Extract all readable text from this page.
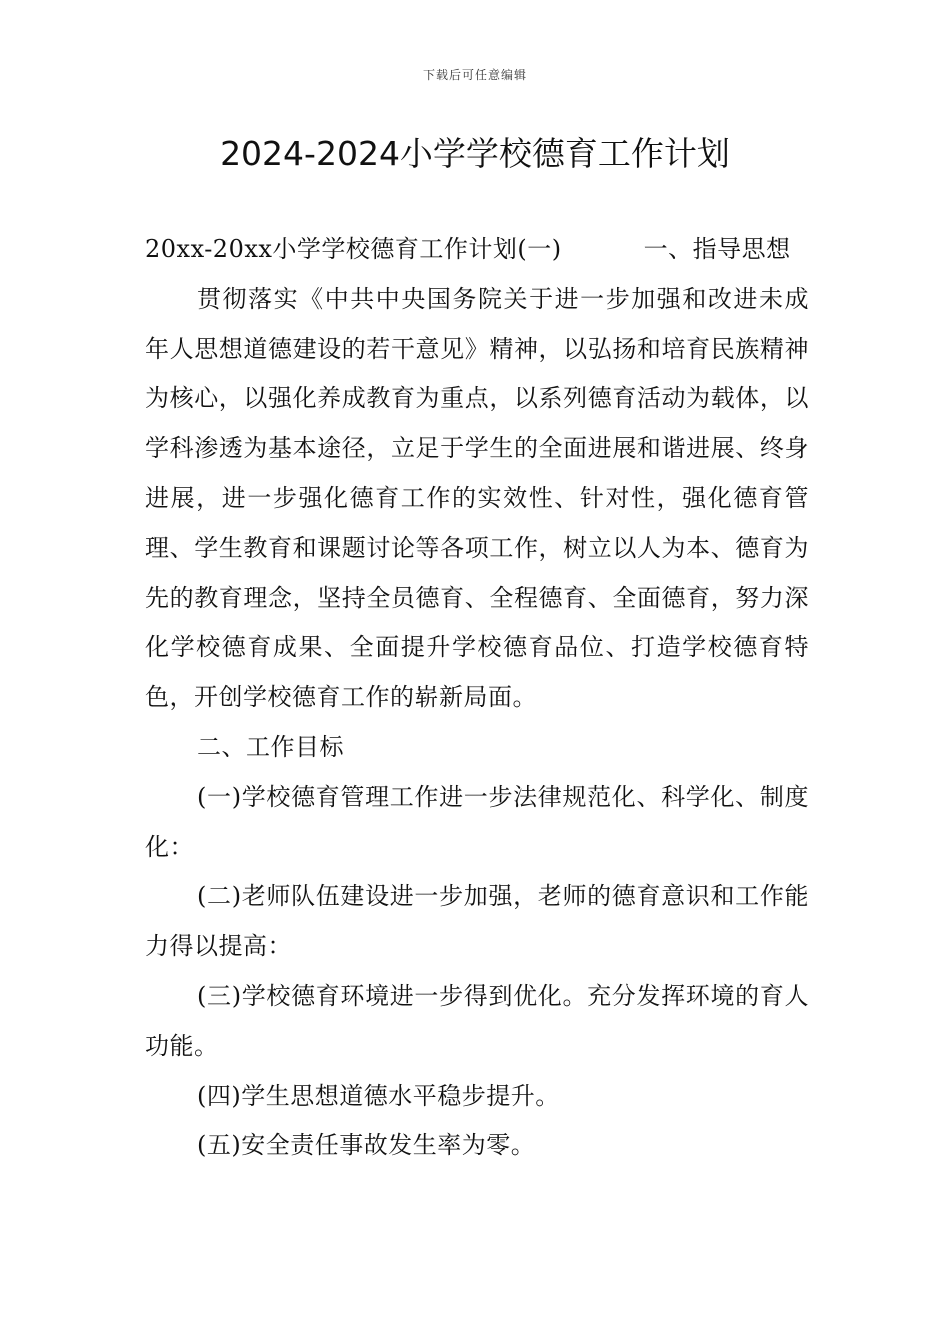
下载后可任意编辑
2024-2024小学学校德育工作计划

20xx-20xx小学学校德育工作计划(一)	一、指导思想

贯彻落实《中共中央国务院关于进一步加强和改进未成年人思想道德建设的若干意见》精神，以弘扬和培育民族精神为核心，以强化养成教育为重点，以系列德育活动为载体，以学科渗透为基本途径，立足于学生的全面进展和谐进展、终身进展，进一步强化德育工作的实效性、针对性，强化德育管理、学生教育和课题讨论等各项工作，树立以人为本、德育为先的教育理念，坚持全员德育、全程德育、全面德育，努力深化学校德育成果、全面提升学校德育品位、打造学校德育特色，开创学校德育工作的崭新局面。

二、工作目标

(一)学校德育管理工作进一步法律规范化、科学化、制度化：

(二)老师队伍建设进一步加强，老师的德育意识和工作能力得以提高：

(三)学校德育环境进一步得到优化。充分发挥环境的育人功能。

(四)学生思想道德水平稳步提升。

(五)安全责任事故发生率为零。
